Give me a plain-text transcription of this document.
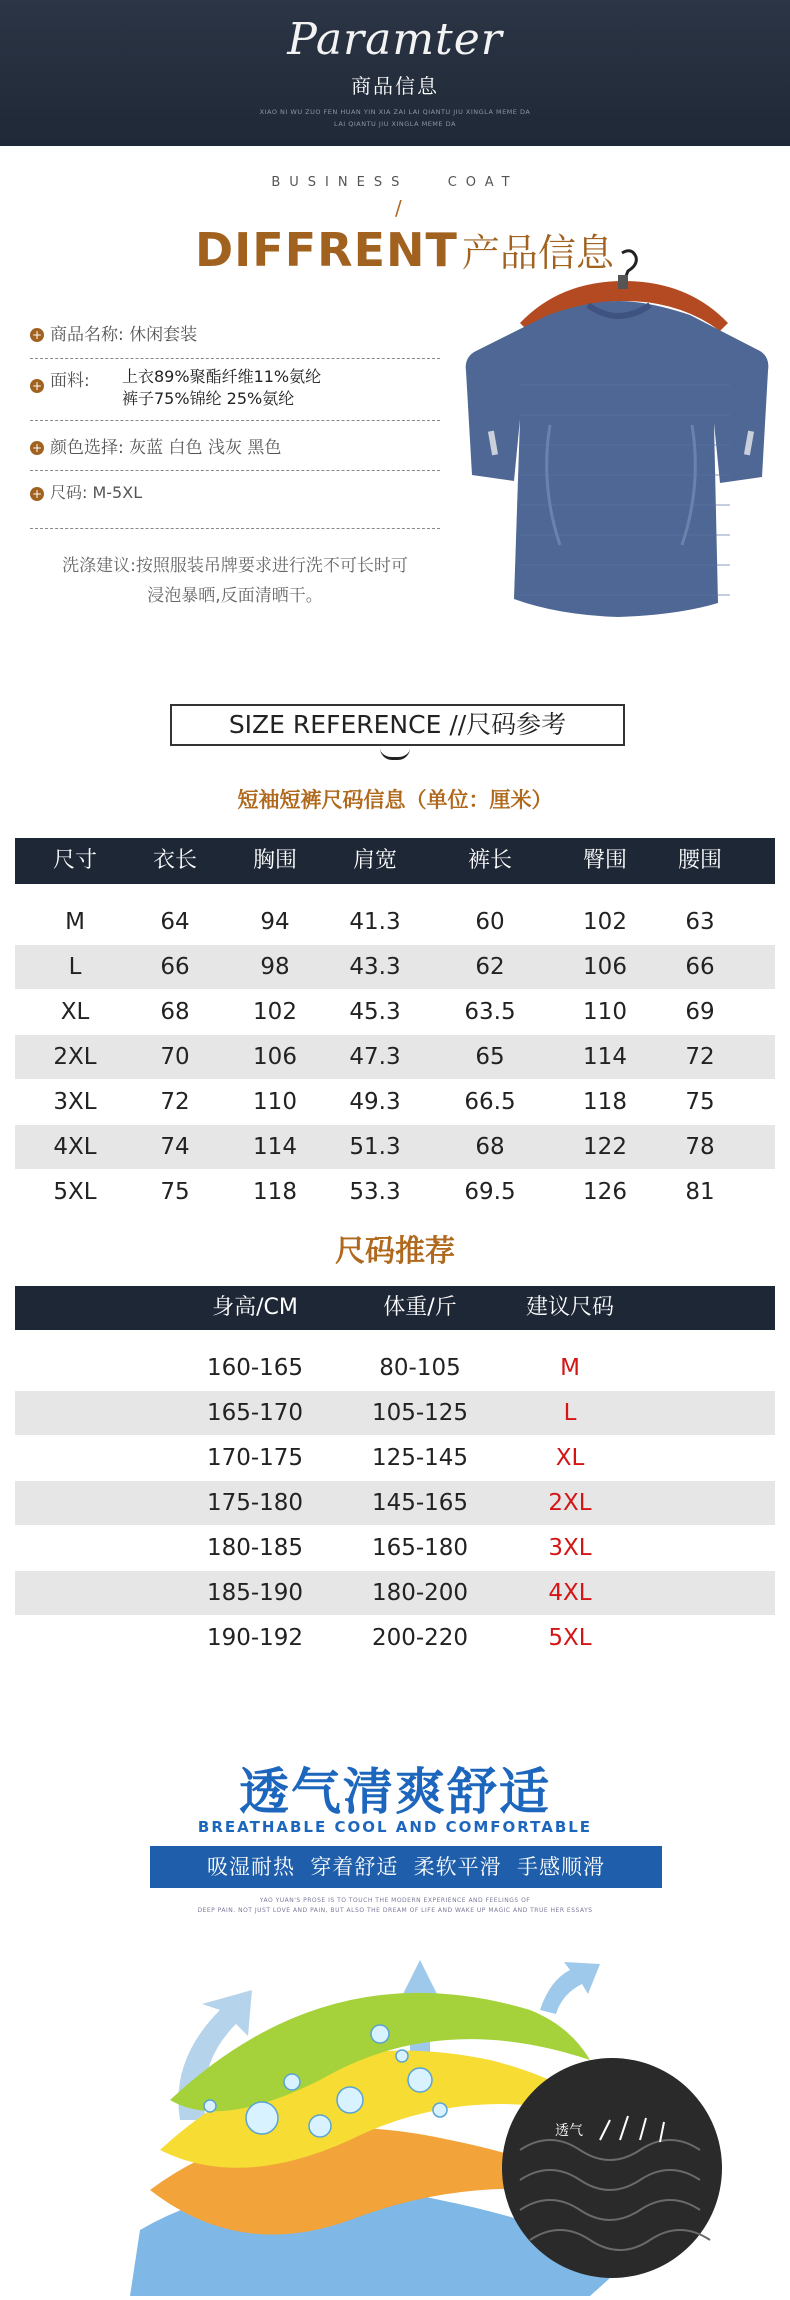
Paramter
商品信息
XIAO NI WU ZUO FEN HUAN YIN XIA ZAI LAI QIANTU JIU XINGLA MEME DA
LAI QIANTU JIU XINGLA MEME DA
BUSINESS   COAT
/
DIFFRENT 产品信息
+ 商品名称: 休闲套装
+ 面料: 上衣89%聚酯纤维11%氨纶
裤子75%锦纶 25%氨纶
+ 颜色选择: 灰蓝 白色 浅灰 黑色
+ 尺码: M-5XL
洗涤建议:按照服装吊牌要求进行洗不可长时可
浸泡暴晒,反面清晒干。
SIZE REFERENCE //尺码参考
短袖短裤尺码信息（单位：厘米）
尺寸	衣长	胸围	肩宽	裤长	臀围	腰围
M	64	94	41.3	60	102	63
L	66	98	43.3	62	106	66
XL	68	102	45.3	63.5	110	69
2XL	70	106	47.3	65	114	72
3XL	72	110	49.3	66.5	118	75
4XL	74	114	51.3	68	122	78
5XL	75	118	53.3	69.5	126	81
尺码推荐
身高/CM	体重/斤	建议尺码
160-165	80-105	M
165-170	105-125	L
170-175	125-145	XL
175-180	145-165	2XL
180-185	165-180	3XL
185-190	180-200	4XL
190-192	200-220	5XL
透气清爽舒适
BREATHABLE COOL AND COMFORTABLE
吸湿耐热  穿着舒适  柔软平滑  手感顺滑
YAO YUAN'S PROSE IS TO TOUCH THE MODERN EXPERIENCE AND FEELINGS OF
DEEP PAIN. NOT JUST LOVE AND PAIN, BUT ALSO THE DREAM OF LIFE AND WAKE UP MAGIC AND TRUE HER ESSAYS
透气
